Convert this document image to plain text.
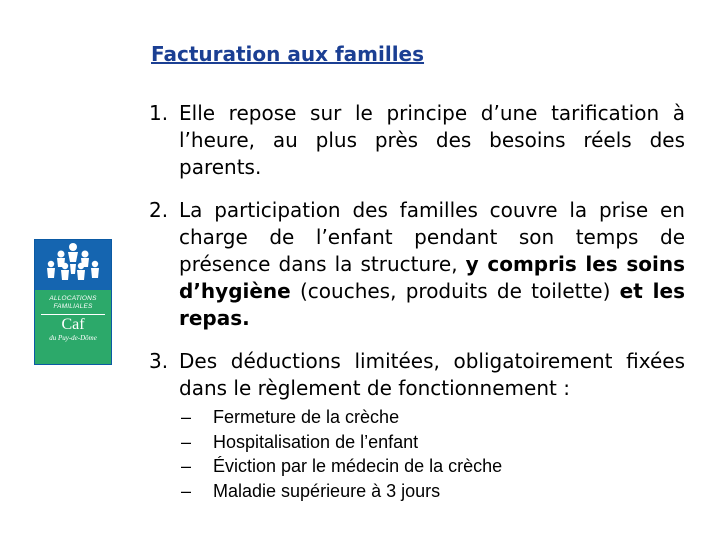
ALLOCATIONS
FAMILIALES
Caf
du Puy-de-Dôme
Facturation aux familles
1. Elle repose sur le principe d’une tarification à l’heure, au plus près des besoins réels des parents.
2. La participation des familles couvre la prise en charge de l’enfant pendant son temps de présence dans la structure, y compris les soins d’hygiène (couches, produits de toilette) et les repas.
3. Des déductions limitées, obligatoirement fixées dans le règlement de fonctionnement :
–	Fermeture de la crèche
–	Hospitalisation de l’enfant
–	Éviction par le médecin de la crèche
–	Maladie supérieure à 3 jours
